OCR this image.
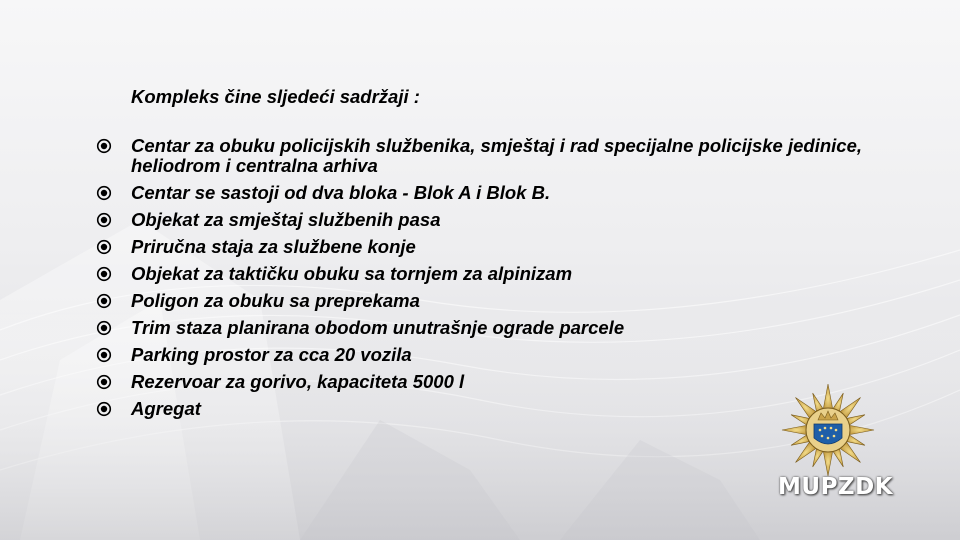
Kompleks čine sljedeći sadržaji :

Centar za obuku policijskih službenika, smještaj i rad specijalne policijske jedinice, heliodrom i centralna arhiva
Centar se sastoji od dva bloka - Blok A i Blok B.
Objekat za smještaj službenih pasa
Priručna staja za službene konje
Objekat za taktičku obuku sa tornjem za alpinizam
Poligon za obuku sa preprekama
Trim staza planirana obodom unutrašnje ograde parcele
Parking prostor za cca 20 vozila
Rezervoar za gorivo, kapaciteta 5000 l
Agregat
MUPZDK
